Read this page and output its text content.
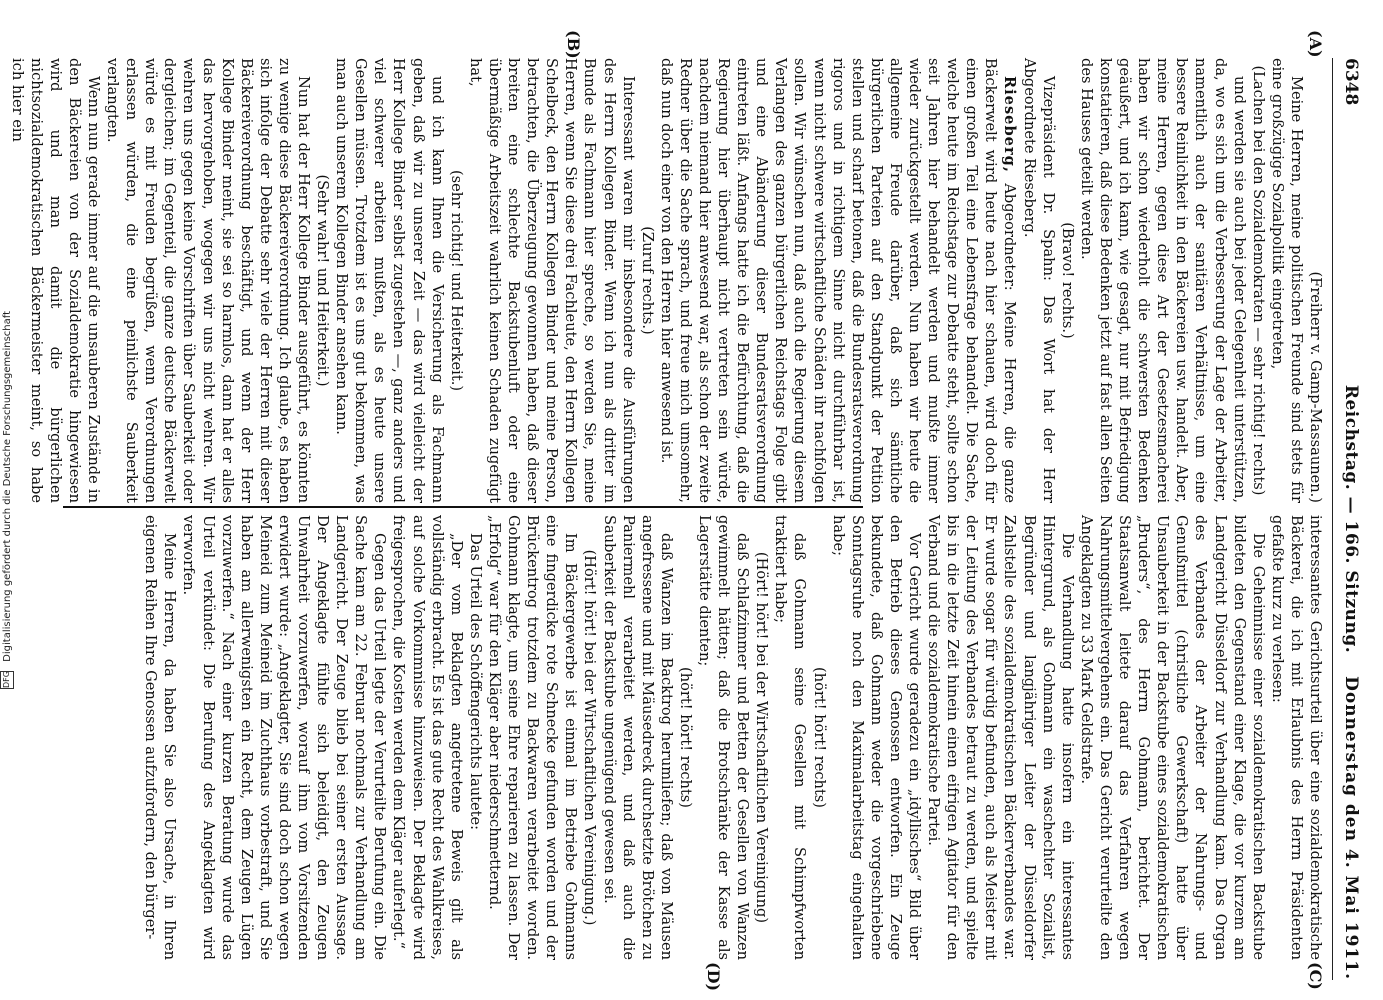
6348
Reichstag. — 166. Sitzung.
Donnerstag den 4. Mai 1911.
(A)
(B)
(C)
(D)

(Freiherr v. Gamp-Massaunen.)

Meine Herren, meine politischen Freunde sind stets für eine großzügige Sozialpolitik eingetreten,

(Lachen bei den Sozialdemokraten — sehr richtig! rechts)

und werden sie auch bei jeder Gelegenheit unterstützen, da, wo es sich um die Verbesserung der Lage der Arbeiter, namentlich auch der sanitären Verhältnisse, um eine bessere Reinlichkeit in den Bäckereien usw. handelt. Aber, meine Herren, gegen diese Art der Gesetzesmacherei haben wir schon wiederholt die schwersten Bedenken geäußert, und ich kann, wie gesagt, nur mit Befriedigung konstatieren, daß diese Bedenken jetzt auf fast allen Seiten des Hauses geteilt werden.

(Bravo! rechts.)

Vizepräsident Dr. Spahn: Das Wort hat der Herr Abgeordnete Rieseberg.

Rieseberg, Abgeordneter: Meine Herren, die ganze Bäckerwelt wird heute nach hier schauen, wird doch für einen großen Teil eine Lebensfrage behandelt. Die Sache, welche heute im Reichstage zur Debatte steht, sollte schon seit Jahren hier behandelt werden und mußte immer wieder zurückgestellt werden. Nun haben wir heute die allgemeine Freude darüber, daß sich sämtliche bürgerlichen Parteien auf den Standpunkt der Petition stellen und scharf betonen, daß die Bundesratsverordnung rigoros und in richtigem Sinne nicht durchführbar ist, wenn nicht schwere wirtschaftliche Schäden ihr nachfolgen sollen. Wir wünschen nun, daß auch die Regierung diesem Verlangen des ganzen bürgerlichen Reichstags Folge gibt und eine Abänderung dieser Bundesratsverordnung eintreten läßt. Anfangs hatte ich die Befürchtung, daß die Regierung hier überhaupt nicht vertreten sein würde, nachdem niemand hier anwesend war, als schon der zweite Redner über die Sache sprach, und freue mich umsomehr, daß nun doch einer von den Herren hier anwesend ist.

(Zuruf rechts.)

Interessant waren mir insbesondere die Ausführungen des Herrn Kollegen Binder. Wenn ich nun als dritter im Bunde als Fachmann hier spreche, so werden Sie, meine Herren, wenn Sie diese drei Fachleute, den Herrn Kollegen Schelbeck, den Herrn Kollegen Binder und meine Person, betrachten, die Überzeugung gewonnen haben, daß dieser breiten eine schlechte Backstubenluft oder eine übermäßige Arbeitszeit wahrlich keinen Schaden zugefügt hat,

(sehr richtig! und Heiterkeit.)

und ich kann Ihnen die Versicherung als Fachmann geben, daß wir zu unserer Zeit — das wird vielleicht der Herr Kollege Binder selbst zugestehen —, ganz anders und viel schwerer arbeiten mußten, als es heute unsere Gesellen müssen. Trotzdem ist es uns gut bekommen, was man auch unserem Kollegen Binder ansehen kann.

(Sehr wahr! und Heiterkeit.)

Nun hat der Herr Kollege Binder ausgeführt, es könnten zu wenige diese Bäckereiverordnung. Ich glaube, es haben sich infolge der Debatte sehr viele der Herren mit dieser Bäckereiverordnung beschäftigt, und wenn der Herr Kollege Binder meint, sie sei so harmlos, dann hat er alles das hervorgehoben, wogegen wir uns nicht wehren. Wir wehren uns gegen keine Vorschriften über Sauberkeit oder dergleichen; im Gegenteil, die ganze deutsche Bäckerwelt würde es mit Freuden begrüßen, wenn Verordnungen erlassen würden, die eine peinlichste Sauberkeit verlangten.

Wenn nun gerade immer auf die unsauberen Zustände in den Bäckereien von der Sozialdemokratie hingewiesen wird und man damit die bürgerlichen nichtsozialdemokratischen Bäckermeister meint, so habe ich hier ein

interessantes Gerichtsurteil über eine sozialdemokratische Bäckerei, die ich mit Erlaubnis des Herrn Präsidenten gefaßte kurz zu verlesen:

Die Geheimnisse einer sozialdemokratischen Backstube bildeten den Gegenstand einer Klage, die vor kurzem am Landgericht Düsseldorf zur Verhandlung kam. Das Organ des Verbandes der Arbeiter der Nahrungs- und Genußmittel (christliche Gewerkschaft) hatte über Unsauberkeit in der Backstube eines sozialdemokratischen „Bruders“, des Herrn Gohmann, berichtet. Der Staatsanwalt leitete darauf das Verfahren wegen Nahrungsmittelvergehens ein. Das Gericht verurteilte den Angeklagten zu 33 Mark Geldstrafe.

Die Verhandlung hatte insofern ein interessantes Hintergrund, als Gohmann ein waschechter Sozialist, Begründer und langjähriger Leiter der Düsseldorfer Zahlstelle des sozialdemokratischen Bäckerverbandes war. Er wurde sogar für würdig befunden, auch als Meister mit der Leitung des Verbandes betraut zu werden, und spielte bis in die letzte Zeit hinein einen eifrigen Agitator für den Verband und die sozialdemokratische Partei.

Vor Gericht wurde geradezu ein „idyllisches“ Bild über den Betrieb dieses Genossen entworfen. Ein Zeuge bekundete, daß Gohmann weder die vorgeschriebene Sonntagsruhe noch den Maximalarbeitstag eingehalten habe;

(hört! hört! rechts)

daß Gohmann seine Gesellen mit Schimpfworten traktiert habe;

(Hört! hört! bei der Wirtschaftlichen Vereinigung)

daß Schlafzimmer und Betten der Gesellen von Wanzen gewimmelt hätten; daß die Brotschränke der Kasse als Lagerstätte dienten;

(hört! hört! rechts)

daß Wanzen im Backtrog herumliefen; daß von Mäusen angefressene und mit Mäusedreck durchsetzte Brötchen zu Paniermehl verarbeitet werden, und daß auch die Sauberkeit der Backstube ungenügend gewesen sei.

(Hört! hört! bei der Wirtschaftlichen Vereinigung.)

Im Bäckergewerbe ist einmal im Betriebe Gohmanns eine fingerdicke rote Schnecke gefunden worden und der Brückentrog trotzdem zu Backwaren verarbeitet worden. Gohmann klagte, um seine Ehre reparieren zu lassen. Der „Erfolg“ war für den Kläger aber niederschmetternd.

Das Urteil des Schöffengerichts lautete:

„Der vom Beklagten angetretene Beweis gilt als vollständig erbracht. Es ist das gute Recht des Wahlkreises, auf solche Vorkommnisse hinzuweisen. Der Beklagte wird freigesprochen, die Kosten werden dem Kläger auferlegt.“

Gegen das Urteil legte der Verurteilte Berufung ein. Die Sache kam am 22. Februar nochmals zur Verhandlung am Landgericht. Der Zeuge blieb bei seiner ersten Aussage. Der Angeklagte fühlte sich beleidigt, den Zeugen Unwahrheit vorzuwerfen, worauf ihm vom Vorsitzenden erwidert wurde: „Angeklagter, Sie sind doch schon wegen Meineid zum Meineid im Zuchthaus vorbestraft, und Sie haben am allerwenigsten ein Recht, dem Zeugen Lügen vorzuwerfen.“ Nach einer kurzen Beratung wurde das Urteil verkündet: Die Berufung des Angeklagten wird verworfen.

Meine Herren, da haben Sie also Ursache, in Ihren eigenen Reihen Ihre Genossen aufzufordern, den bürger-

DFG Digitalisierung gefördert durch die Deutsche Forschungsgemeinschaft
